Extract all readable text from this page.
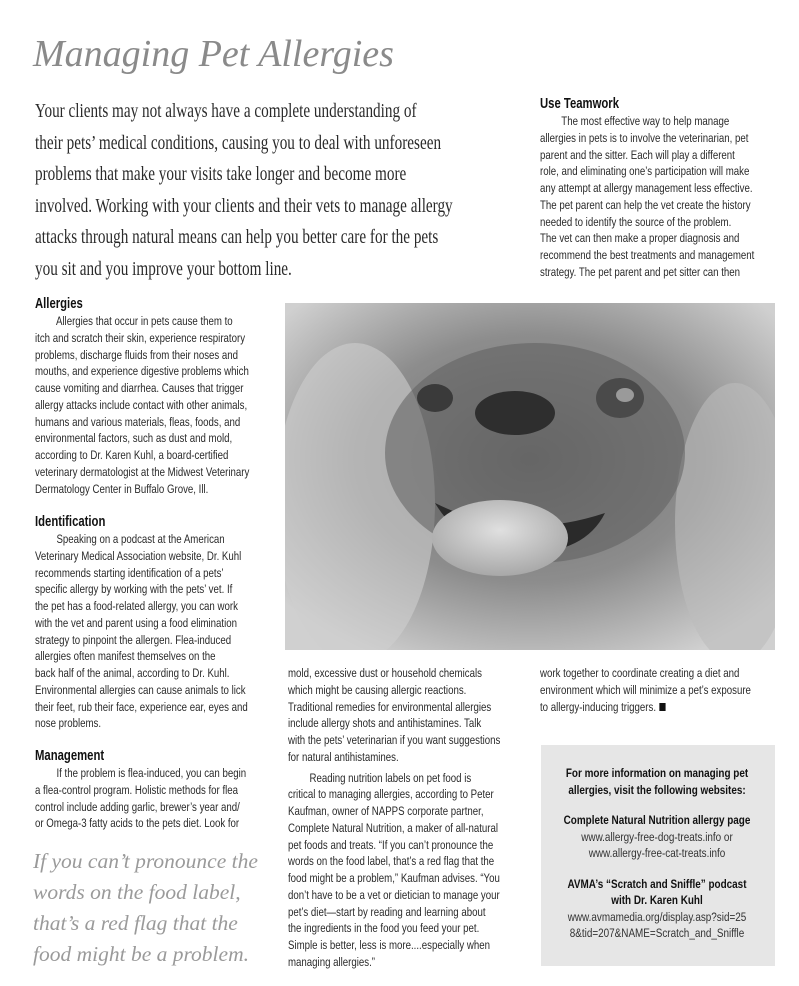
Managing Pet Allergies
Your clients may not always have a complete understanding of
their pets’ medical conditions, causing you to deal with unforeseen
problems that make your visits take longer and become more
involved. Working with your clients and their vets to manage allergy
attacks through natural means can help you better care for the pets
you sit and you improve your bottom line.
Use Teamwork

The most effective way to help manage
allergies in pets is to involve the veterinarian, pet
parent and the sitter. Each will play a different
role, and eliminating one’s participation will make
any attempt at allergy management less effective.
The pet parent can help the vet create the history
needed to identify the source of the problem.
The vet can then make a proper diagnosis and
recommend the best treatments and management
strategy. The pet parent and pet sitter can then

Allergies

Allergies that occur in pets cause them to
itch and scratch their skin, experience respiratory
problems, discharge fluids from their noses and
mouths, and experience digestive problems which
cause vomiting and diarrhea. Causes that trigger
allergy attacks include contact with other animals,
humans and various materials, fleas, foods, and
environmental factors, such as dust and mold,
according to Dr. Karen Kuhl, a board-certified
veterinary dermatologist at the Midwest Veterinary
Dermatology Center in Buffalo Grove, Ill.

Identification

Speaking on a podcast at the American
Veterinary Medical Association website, Dr. Kuhl
recommends starting identification of a pets’
specific allergy by working with the pets’ vet. If
the pet has a food-related allergy, you can work
with the vet and parent using a food elimination
strategy to pinpoint the allergen. Flea-induced
allergies often manifest themselves on the
back half of the animal, according to Dr. Kuhl.
Environmental allergies can cause animals to lick
their feet, rub their face, experience ear, eyes and
nose problems.

Management

If the problem is flea-induced, you can begin
a flea-control program. Holistic methods for flea
control include adding garlic, brewer’s year and/
or Omega-3 fatty acids to the pets diet. Look for

mold, excessive dust or household chemicals
which might be causing allergic reactions.
Traditional remedies for environmental allergies
include allergy shots and antihistamines. Talk
with the pets’ veterinarian if you want suggestions
for natural antihistamines.

Reading nutrition labels on pet food is
critical to managing allergies, according to Peter
Kaufman, owner of NAPPS corporate partner,
Complete Natural Nutrition, a maker of all-natural
pet foods and treats. “If you can’t pronounce the
words on the food label, that’s a red flag that the
food might be a problem,” Kaufman advises. “You
don’t have to be a vet or dietician to manage your
pet’s diet—start by reading and learning about
the ingredients in the food you feed your pet.
Simple is better, less is more....especially when
managing allergies.”

work together to coordinate creating a diet and
environment which will minimize a pet’s exposure
to allergy-inducing triggers.

If you can’t pronounce the
words on the food label,
that’s a red flag that the
food might be a problem.
For more information on managing pet
allergies, visit the following websites:
Complete Natural Nutrition allergy page
www.allergy-free-dog-treats.info or
www.allergy-free-cat-treats.info
AVMA’s “Scratch and Sniffle” podcast
with Dr. Karen Kuhl
www.avmamedia.org/display.asp?sid=25
8&tid=207&NAME=Scratch_and_Sniffle
